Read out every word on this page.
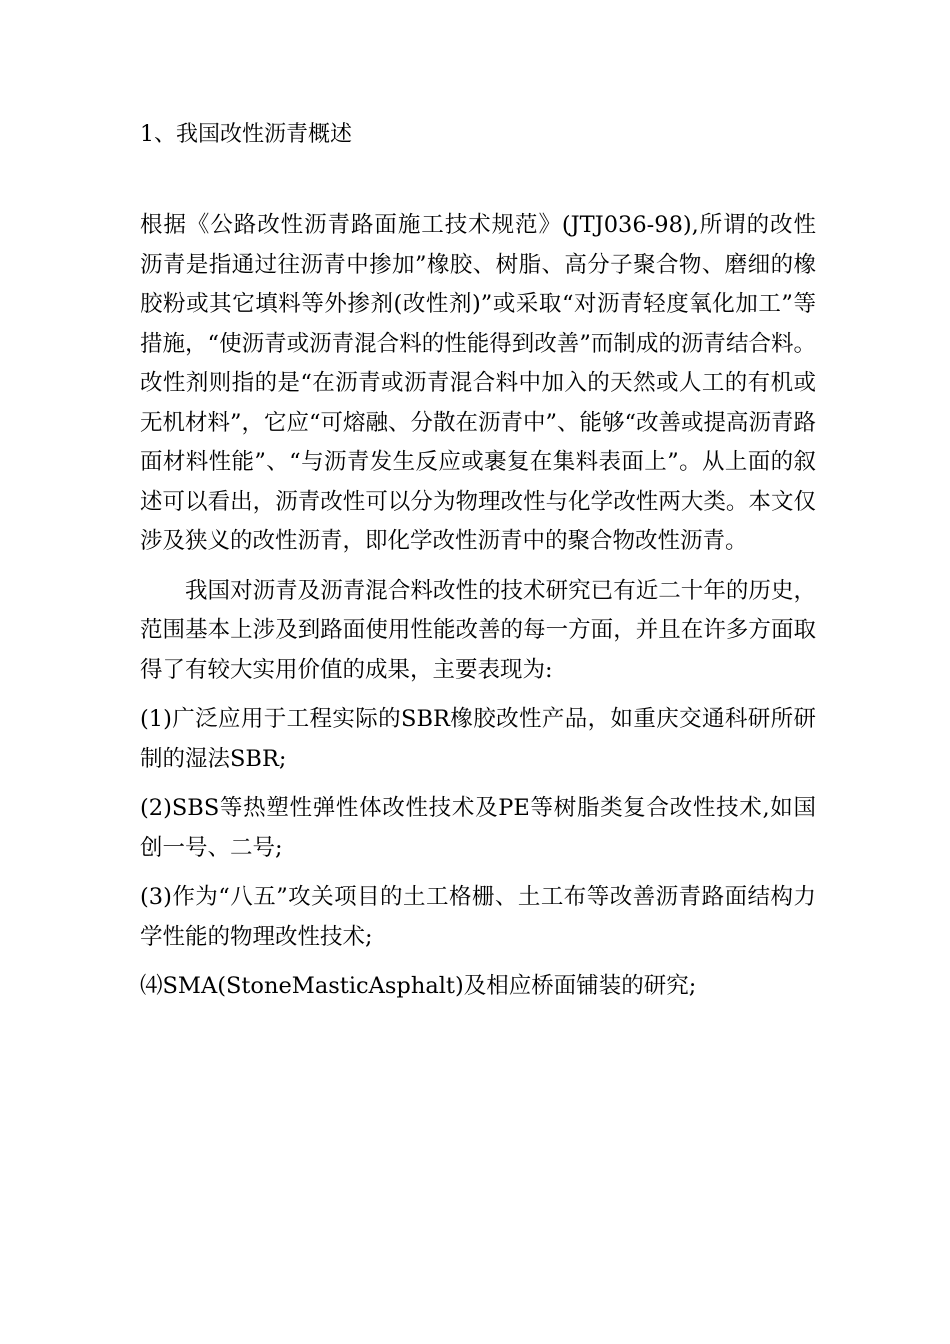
1、我国改性沥青概述

根据《公路改性沥青路面施工技术规范》(JTJ036-98),所谓的改性沥青是指通过往沥青中掺加”橡胶、树脂、高分子聚合物、磨细的橡胶粉或其它填料等外掺剂(改性剂)”或采取“对沥青轻度氧化加工”等措施，“使沥青或沥青混合料的性能得到改善”而制成的沥青结合料。改性剂则指的是“在沥青或沥青混合料中加入的天然或人工的有机或无机材料”，它应“可熔融、分散在沥青中”、能够“改善或提高沥青路面材料性能”、“与沥青发生反应或裹复在集料表面上”。从上面的叙述可以看出，沥青改性可以分为物理改性与化学改性两大类。本文仅涉及狭义的改性沥青，即化学改性沥青中的聚合物改性沥青。

我国对沥青及沥青混合料改性的技术研究已有近二十年的历史，范围基本上涉及到路面使用性能改善的每一方面，并且在许多方面取得了有较大实用价值的成果，主要表现为:

(1)广泛应用于工程实际的SBR橡胶改性产品，如重庆交通科研所研制的湿法SBR;

(2)SBS等热塑性弹性体改性技术及PE等树脂类复合改性技术,如国创一号、二号;

(3)作为“八五”攻关项目的土工格栅、土工布等改善沥青路面结构力学性能的物理改性技术;

⑷SMA(StoneMasticAsphalt)及相应桥面铺装的研究;
